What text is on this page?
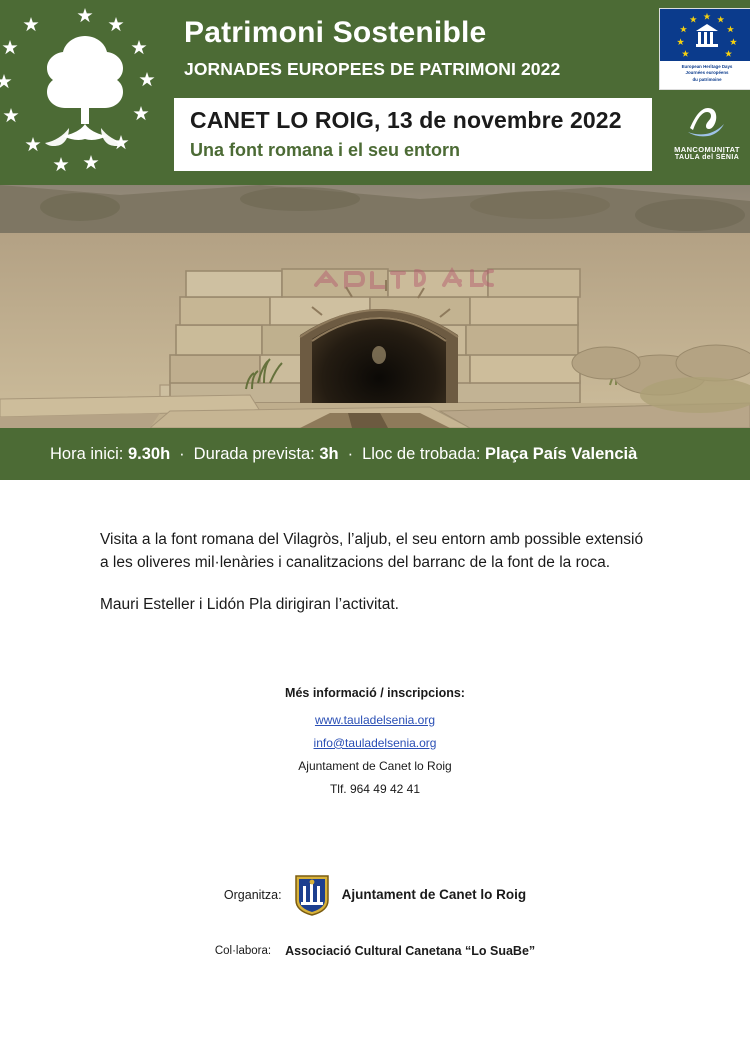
Patrimoni Sostenible
JORNADES EUROPEES DE PATRIMONI 2022
CANET LO ROIG, 13 de novembre 2022
Una font romana i el seu entorn
European Heritage Days
Journées européens
du patrimoine
MANCOMUNITAT
TAULA del SÉNIA
Hora inici:
9.30h · Durada prevista:
3h · Lloc de trobada:
Plaça País Valencià

Visita a la font romana del Vilagròs, l’aljub, el seu entorn amb possible extensió a les oliveres mil·lenàries i canalitzacions del barranc de la font de la roca.

Mauri Esteller i Lidón Pla dirigiran l’activitat.

Més informació / inscripcions:
www.tauladelsenia.org
info@tauladelsenia.org
Ajuntament de Canet lo Roig
Tlf. 964 49 42 41
Organitza:	Ajuntament de Canet lo Roig
Col·labora: Associació Cultural Canetana “Lo SuaBe”
